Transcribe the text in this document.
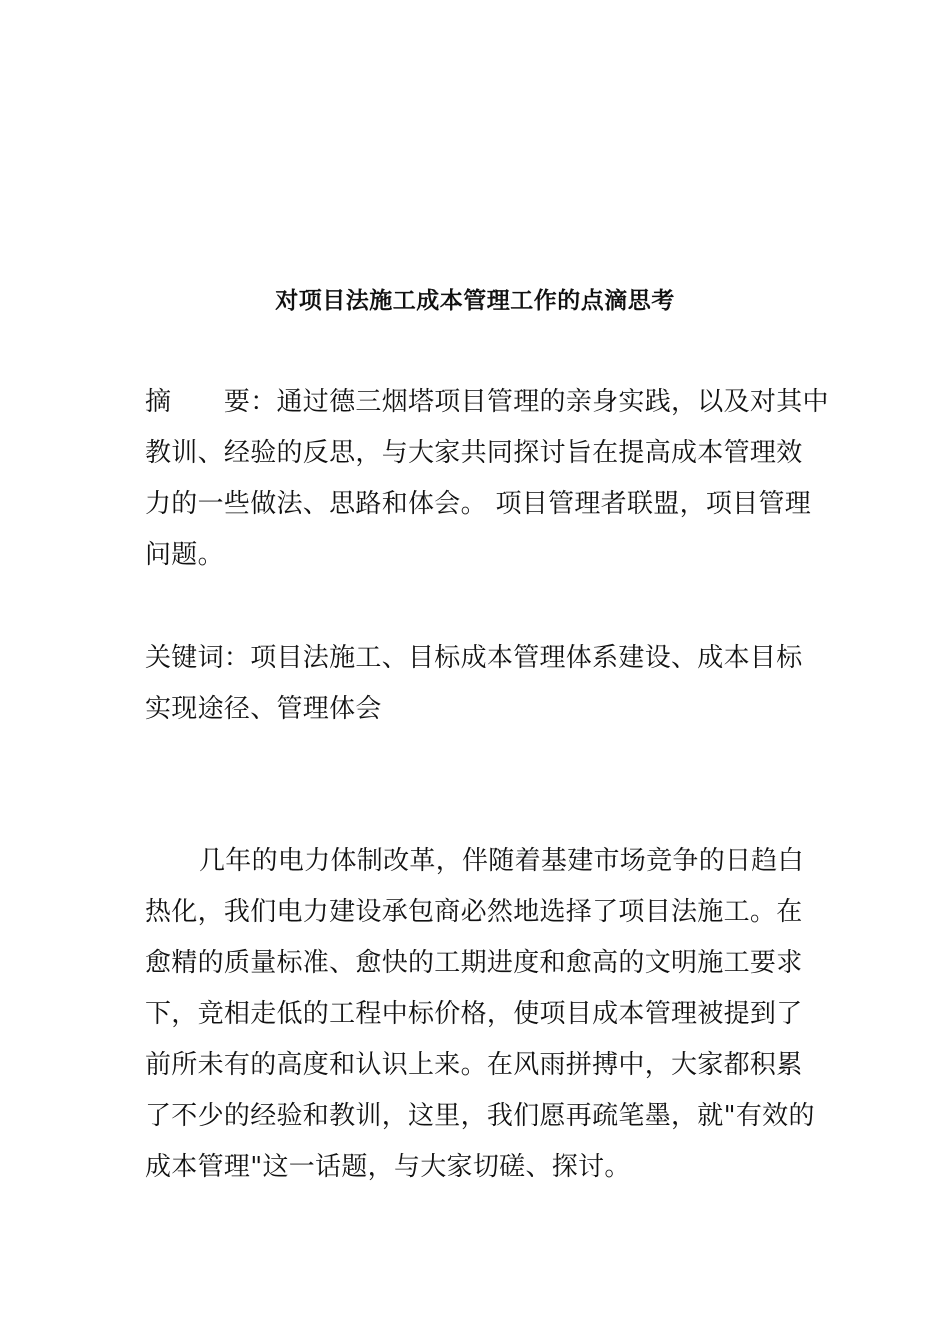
对项目法施工成本管理工作的点滴思考
摘　　要：通过德三烟塔项目管理的亲身实践，以及对其中
教训、经验的反思，与大家共同探讨旨在提高成本管理效
力的一些做法、思路和体会。 项目管理者联盟，项目管理
问题。
关键词：项目法施工、目标成本管理体系建设、成本目标
实现途径、管理体会
几年的电力体制改革，伴随着基建市场竞争的日趋白
热化，我们电力建设承包商必然地选择了项目法施工。在
愈精的质量标准、愈快的工期进度和愈高的文明施工要求
下，竞相走低的工程中标价格，使项目成本管理被提到了
前所未有的高度和认识上来。在风雨拼搏中，大家都积累
了不少的经验和教训，这里，我们愿再疏笔墨，就"有效的
成本管理"这一话题，与大家切磋、探讨。
